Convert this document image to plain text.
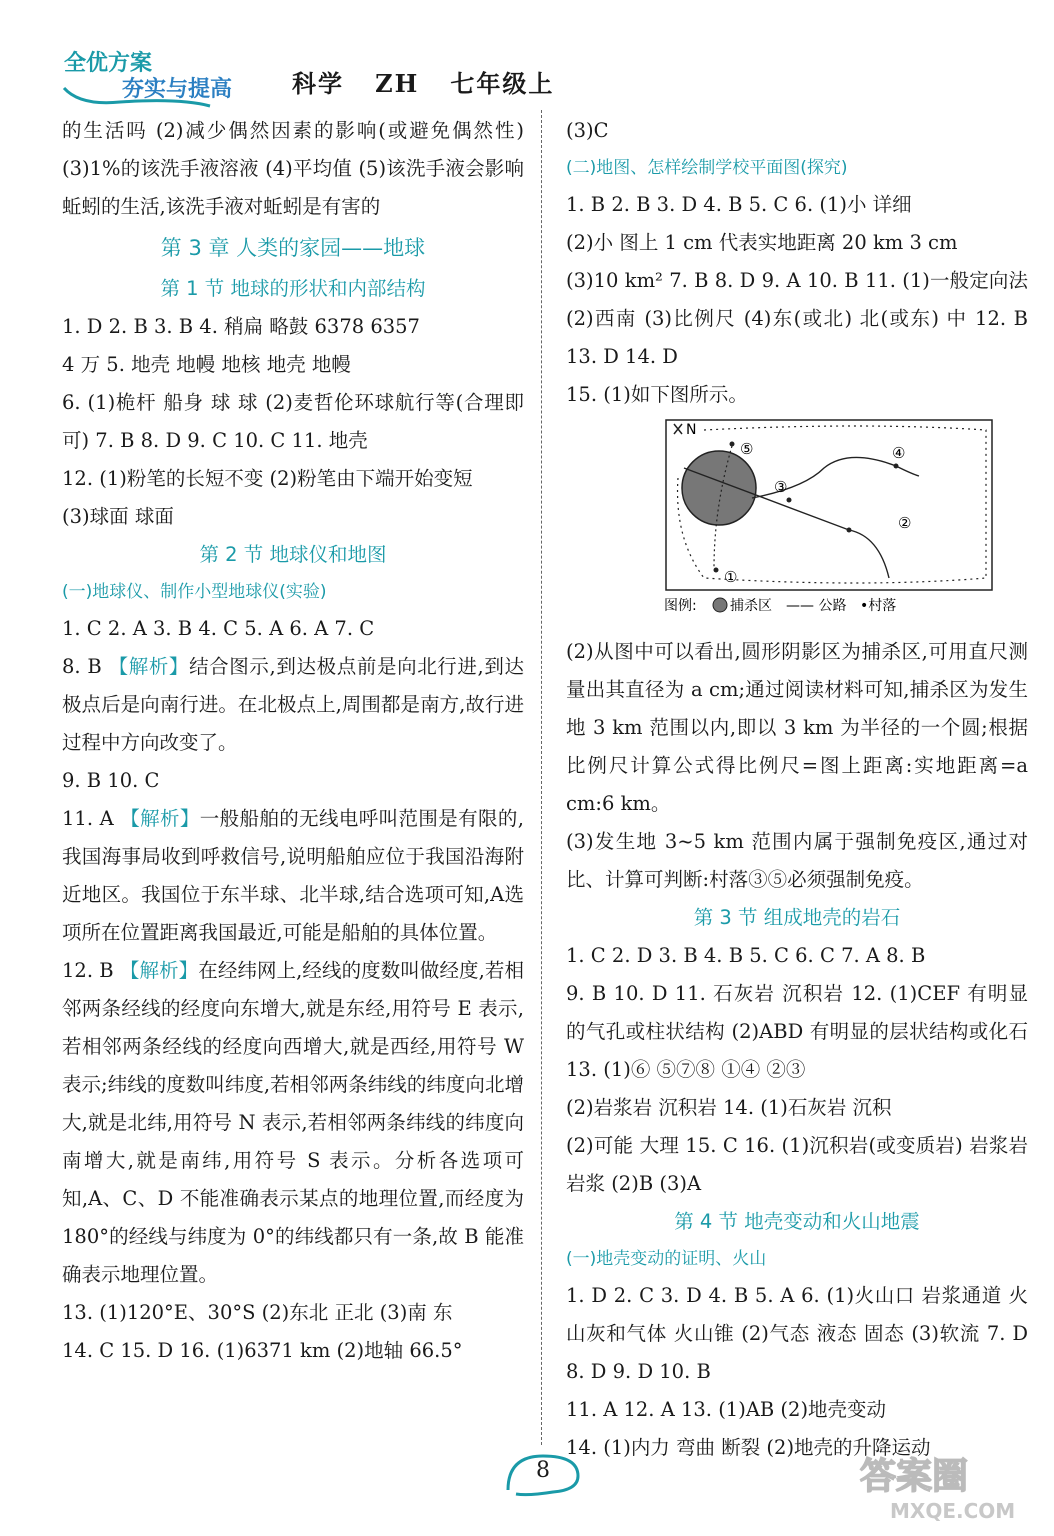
全优方案
夯实与提高 科学   ZH   七年级上

的生活吗 (2)减少偶然因素的影响(或避免偶然性) (3)1%的该洗手液溶液 (4)平均值 (5)该洗手液会影响蚯蚓的生活,该洗手液对蚯蚓是有害的

第 3 章 人类的家园——地球
第 1 节 地球的形状和内部结构

1. D 2. B 3. B 4. 稍扁 略鼓 6378 6357

4 万 5. 地壳 地幔 地核 地壳 地幔

6. (1)桅杆 船身 球 球 (2)麦哲伦环球航行等(合理即可) 7. B 8. D 9. C 10. C 11. 地壳

12. (1)粉笔的长短不变 (2)粉笔由下端开始变短

(3)球面 球面

第 2 节 地球仪和地图
(一)地球仪、制作小型地球仪(实验)

1. C 2. A 3. B 4. C 5. A 6. A 7. C

8. B 【解析】结合图示,到达极点前是向北行进,到达极点后是向南行进。在北极点上,周围都是南方,故行进过程中方向改变了。

9. B 10. C

11. A 【解析】一般船舶的无线电呼叫范围是有限的,我国海事局收到呼救信号,说明船舶应位于我国沿海附近地区。我国位于东半球、北半球,结合选项可知,A选项所在位置距离我国最近,可能是船舶的具体位置。

12. B 【解析】在经纬网上,经线的度数叫做经度,若相邻两条经线的经度向东增大,就是东经,用符号 E 表示,若相邻两条经线的经度向西增大,就是西经,用符号 W 表示;纬线的度数叫纬度,若相邻两条纬线的纬度向北增大,就是北纬,用符号 N 表示,若相邻两条纬线的纬度向南增大,就是南纬,用符号 S 表示。分析各选项可知,A、C、D 不能准确表示某点的地理位置,而经度为 180°的经线与纬度为 0°的纬线都只有一条,故 B 能准确表示地理位置。

13. (1)120°E、30°S (2)东北 正北 (3)南 东

14. C 15. D 16. (1)6371 km (2)地轴 66.5°

(3)C

(二)地图、怎样绘制学校平面图(探究)

1. B 2. B 3. D 4. B 5. C 6. (1)小 详细

(2)小 图上 1 cm 代表实地距离 20 km 3 cm

(3)10 km² 7. B 8. D 9. A 10. B 11. (1)一般定向法 (2)西南 (3)比例尺 (4)东(或北) 北(或东) 中 12. B 13. D 14. D

15. (1)如下图所示。

N
⑤	④
③
②
①
图例: 捕杀区 —— 公路 •村落

(2)从图中可以看出,圆形阴影区为捕杀区,可用直尺测量出其直径为 a cm;通过阅读材料可知,捕杀区为发生地 3 km 范围以内,即以 3 km 为半径的一个圆;根据比例尺计算公式得比例尺=图上距离:实地距离=a cm:6 km。

(3)发生地 3~5 km 范围内属于强制免疫区,通过对比、计算可判断:村落③⑤必须强制免疫。

第 3 节 组成地壳的岩石

1. C 2. D 3. B 4. B 5. C 6. C 7. A 8. B

9. B 10. D 11. 石灰岩 沉积岩 12. (1)CEF 有明显的气孔或柱状结构 (2)ABD 有明显的层状结构或化石 13. (1)⑥ ⑤⑦⑧ ①④ ②③

(2)岩浆岩 沉积岩 14. (1)石灰岩 沉积

(2)可能 大理 15. C 16. (1)沉积岩(或变质岩) 岩浆岩 岩浆 (2)B (3)A

第 4 节 地壳变动和火山地震
(一)地壳变动的证明、火山

1. D 2. C 3. D 4. B 5. A 6. (1)火山口 岩浆通道 火山灰和气体 火山锥 (2)气态 液态 固态 (3)软流 7. D 8. D 9. D 10. B

11. A 12. A 13. (1)AB (2)地壳变动

14. (1)内力 弯曲 断裂 (2)地壳的升降运动

8	答案圈
MXQE.COM
